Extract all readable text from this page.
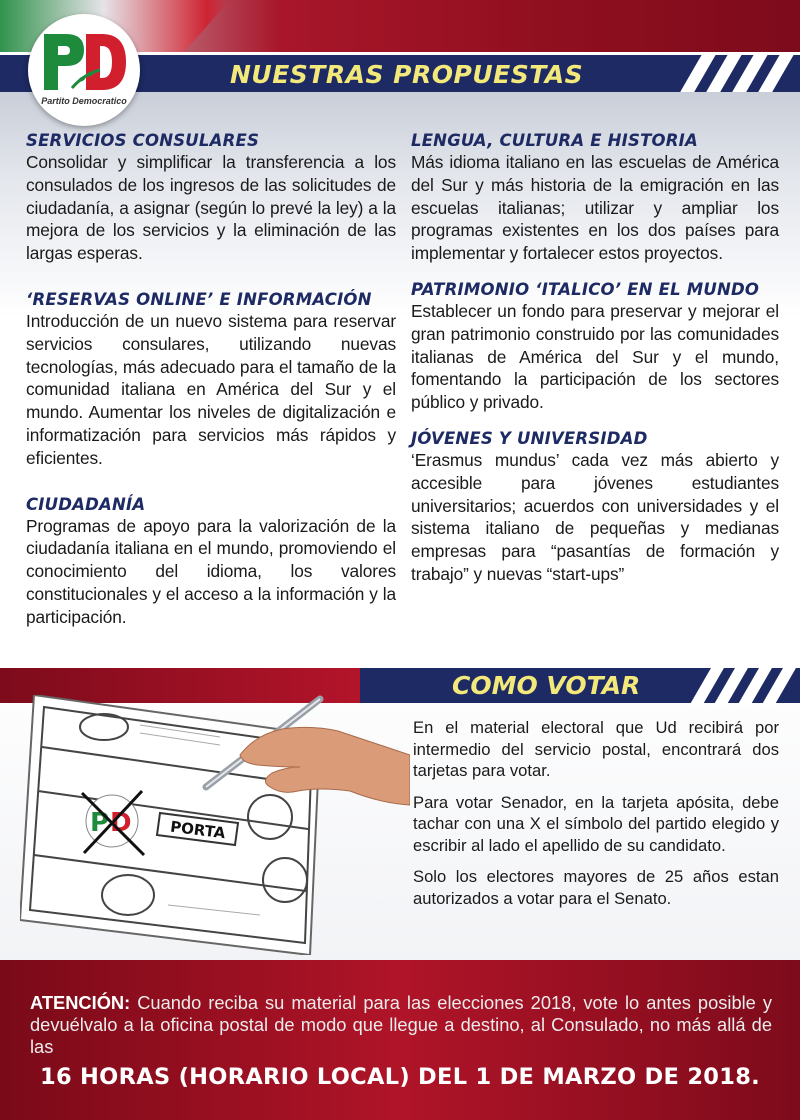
NUESTRAS PROPUESTAS
Partito Democratico
SERVICIOS CONSULARES

Consolidar y simplificar la transferencia a los consulados de los ingresos de las solicitudes de ciudadanía, a asignar (según lo prevé la ley) a la mejora de los servicios y la eliminación de las largas esperas.

‘RESERVAS ONLINE’ E INFORMACIÓN

Introducción de un nuevo sistema para reservar servicios consulares, utilizando nuevas tecnologías, más adecuado para el tamaño de la comunidad italiana en América del Sur y el mundo. Aumentar los niveles de digitalización e informatización para servicios más rápidos y eficientes.

CIUDADANÍA

Programas de apoyo para la valorización de la ciudadanía italiana en el mundo, promoviendo el conocimiento del idioma, los valores constitucionales y el acceso a la información y la participación.

LENGUA, CULTURA E HISTORIA

Más idioma italiano en las escuelas de América del Sur y más historia de la emigración en las escuelas italianas; utilizar y ampliar los programas existentes en los dos países para implementar y fortalecer estos proyectos.

PATRIMONIO ‘ITALICO’ EN EL MUNDO

Establecer un fondo para preservar y mejorar el gran patrimonio construido por las comunidades italianas de América del Sur y el mundo, fomentando la participación de los sectores público y privado.

JÓVENES Y UNIVERSIDAD

‘Erasmus mundus’ cada vez más abierto y accesible para jóvenes estudiantes universitarios; acuerdos con universidades y el sistema italiano de pequeñas y medianas empresas para “pasantías de formación y trabajo” y nuevas “start-ups”

COMO VOTAR
P D	PORTA

En el material electoral que Ud recibirá por intermedio del servicio postal, encontrará dos tarjetas para votar.

Para votar Senador, en la tarjeta apósita, debe tachar con una X el símbolo del partido elegido y escribir al lado el apellido de su candidato.

Solo los electores mayores de 25 años estan autorizados a votar para el Senato.

ATENCIÓN: Cuando reciba su material para las elecciones 2018, vote lo antes posible y devuélvalo a la oficina postal de modo que llegue a destino, al Consulado, no más allá de las
16 HORAS (HORARIO LOCAL) DEL 1 DE MARZO DE 2018.
